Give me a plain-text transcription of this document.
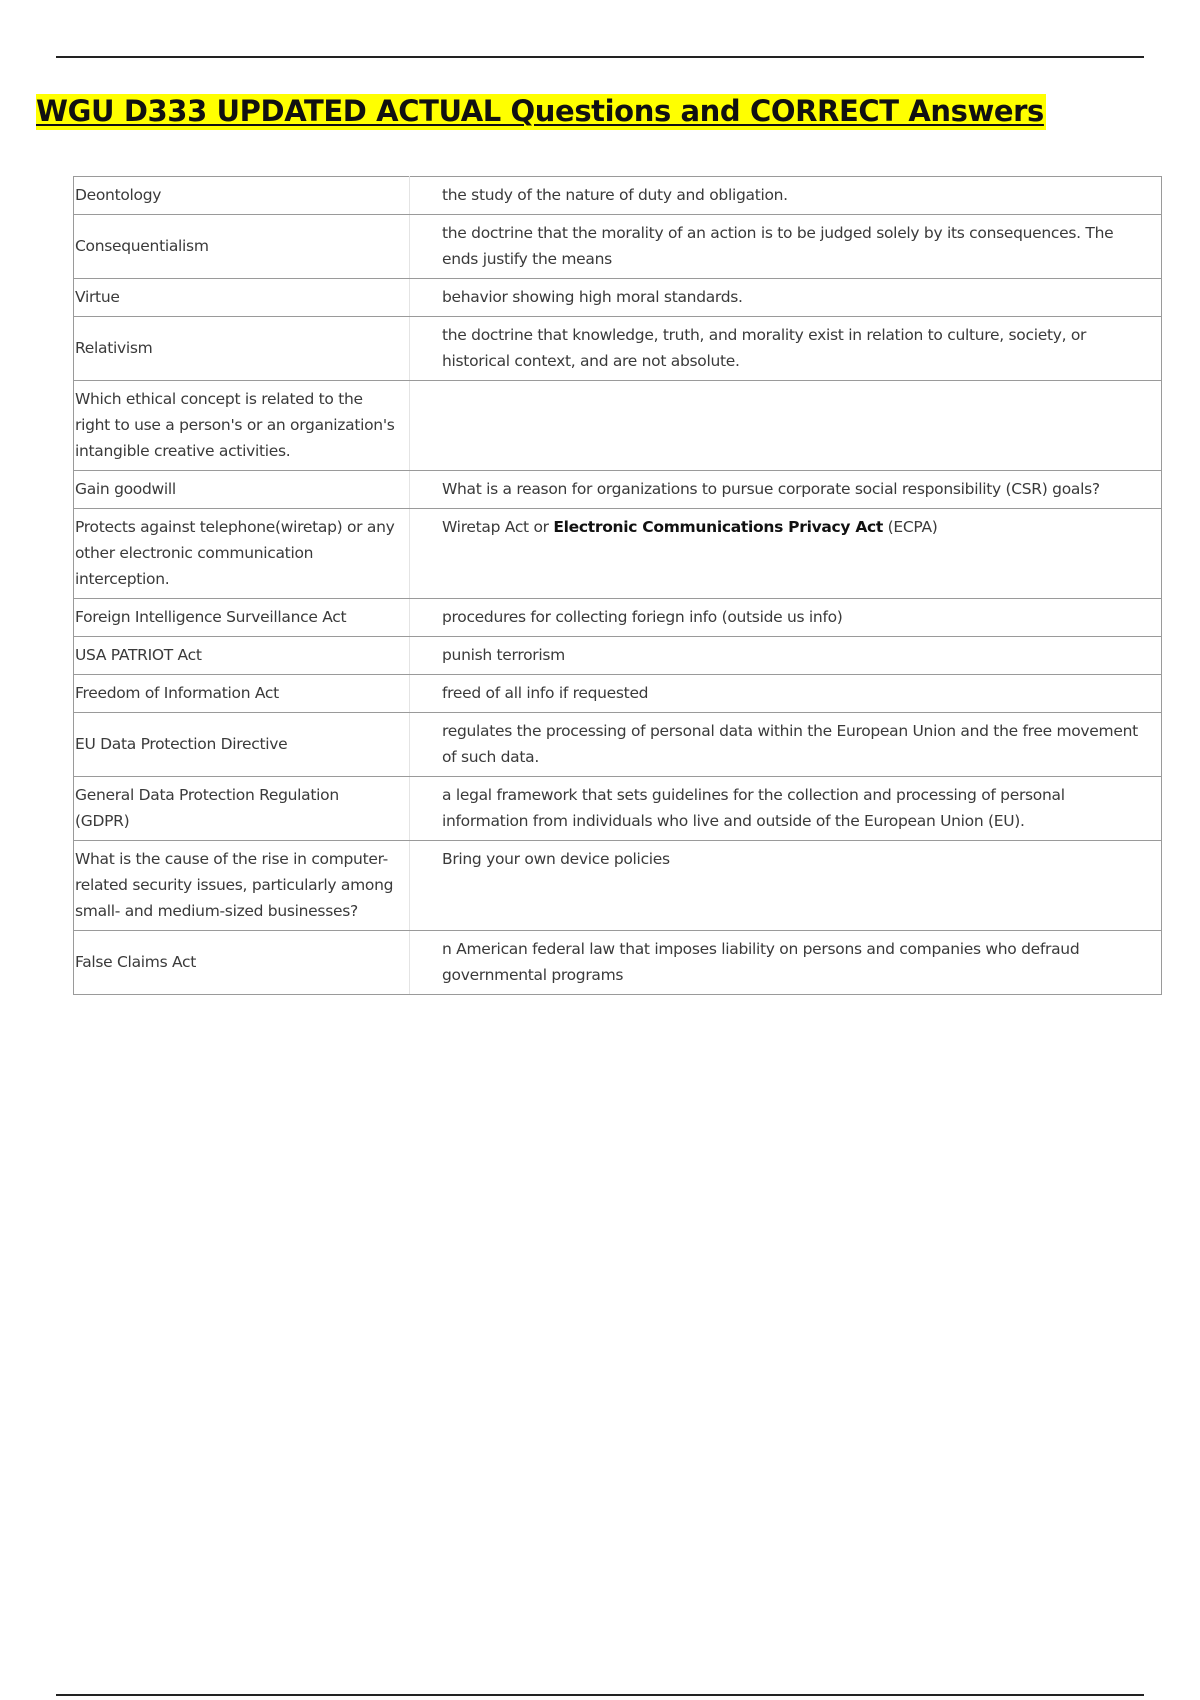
WGU D333 UPDATED ACTUAL Questions and CORRECT Answers
Deontology	the study of the nature of duty and obligation.
Consequentialism	the doctrine that the morality of an action is to be judged solely by its consequences. The ends justify the means
Virtue	behavior showing high moral standards.
Relativism	the doctrine that knowledge, truth, and morality exist in relation to culture, society, or historical context, and are not absolute.
Which ethical concept is related to the right to use a person's or an organization's intangible creative activities.	
Gain goodwill	What is a reason for organizations to pursue corporate social responsibility (CSR) goals?
Protects against telephone(wiretap) or any other electronic communication interception.	Wiretap Act or Electronic Communications Privacy Act (ECPA)
Foreign Intelligence Surveillance Act	procedures for collecting foriegn info (outside us info)
USA PATRIOT Act	punish terrorism
Freedom of Information Act	freed of all info if requested
EU Data Protection Directive	regulates the processing of personal data within the European Union and the free movement of such data.
General Data Protection Regulation (GDPR)	a legal framework that sets guidelines for the collection and processing of personal information from individuals who live and outside of the European Union (EU).
What is the cause of the rise in computer-related security issues, particularly among small- and medium-sized businesses?	Bring your own device policies
False Claims Act	n American federal law that imposes liability on persons and companies who defraud governmental programs
